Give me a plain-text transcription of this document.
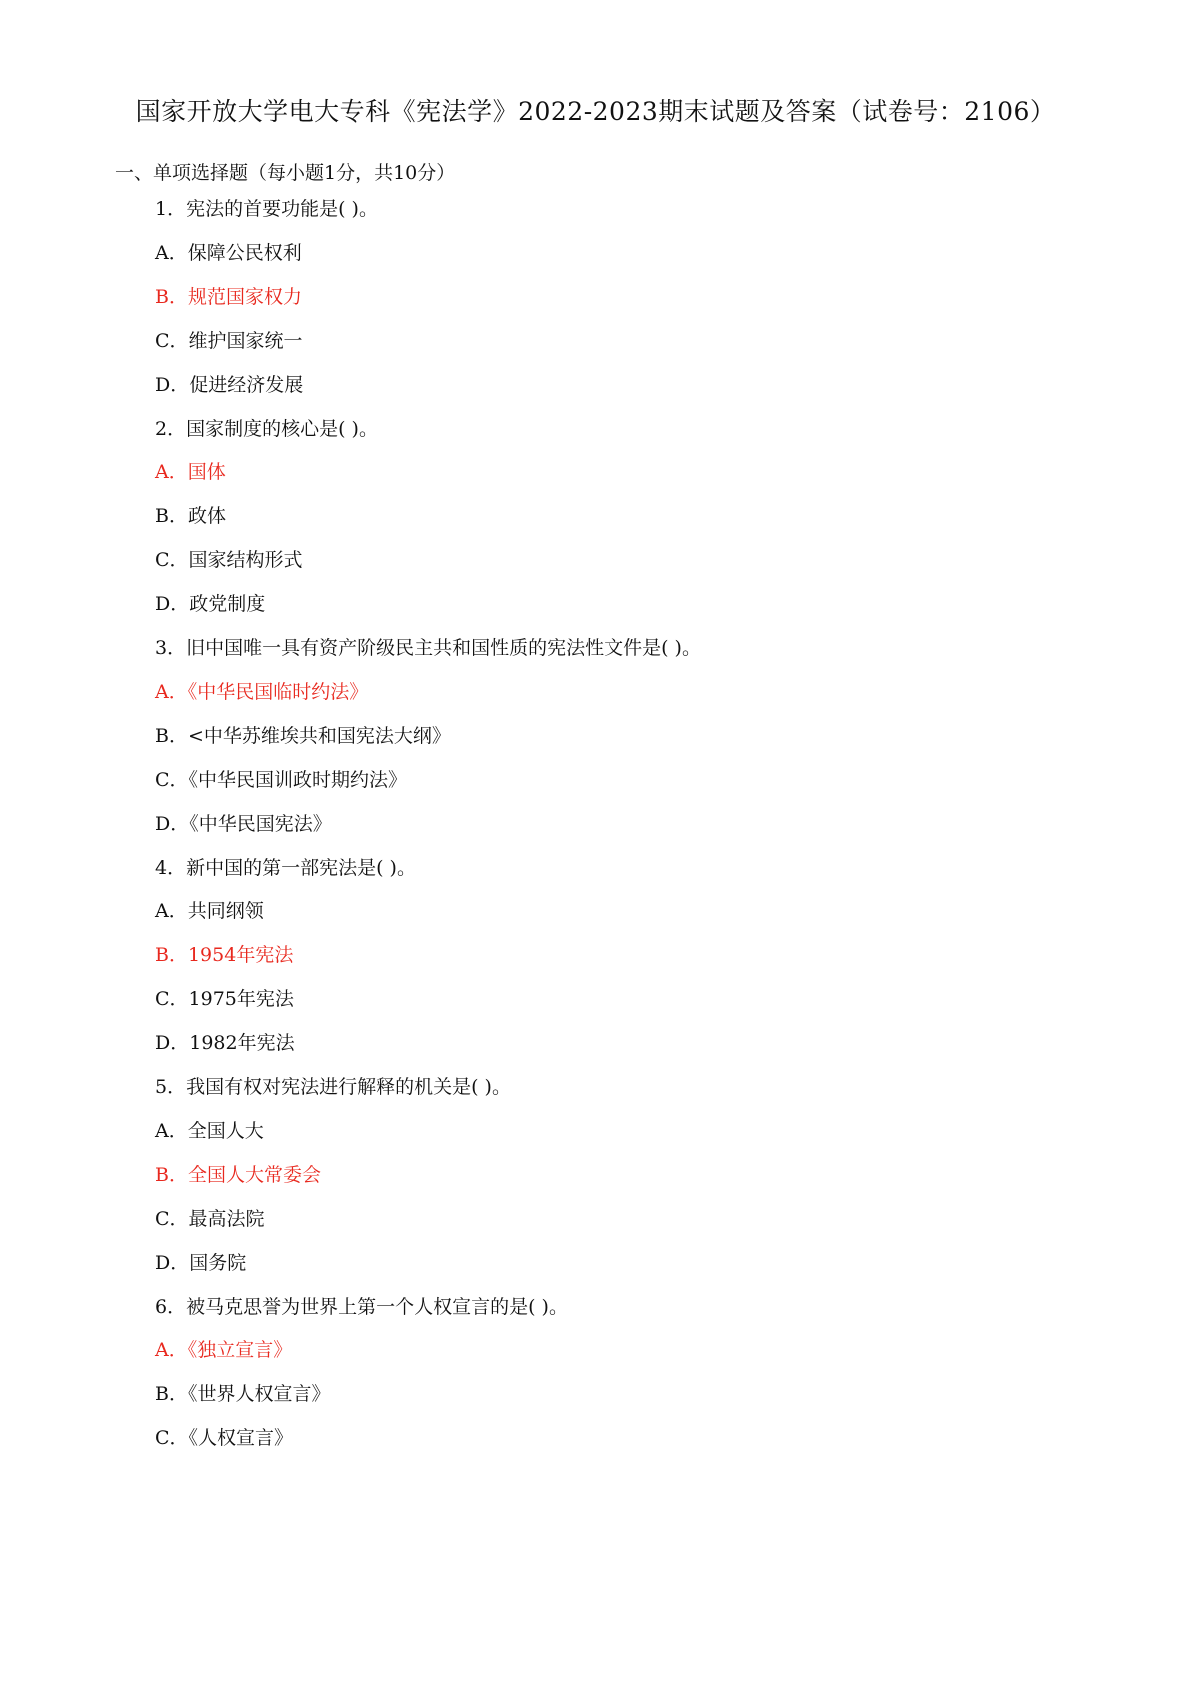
国家开放大学电大专科《宪法学》2022-2023期末试题及答案（试卷号：2106）
一、单项选择题（每小题1分，共10分）
1．宪法的首要功能是( )。
A．保障公民权利
B．规范国家权力
C．维护国家统一
D．促进经济发展
2．国家制度的核心是( )。
A．国体
B．政体
C．国家结构形式
D．政党制度
3．旧中国唯一具有资产阶级民主共和国性质的宪法性文件是( )。
A．《中华民国临时约法》
B．<中华苏维埃共和国宪法大纲》
C．《中华民国训政时期约法》
D．《中华民国宪法》
4．新中国的第一部宪法是( )。
A．共同纲领
B．1954年宪法
C．1975年宪法
D．1982年宪法
5．我国有权对宪法进行解释的机关是( )。
A．全国人大
B．全国人大常委会
C．最高法院
D．国务院
6．被马克思誉为世界上第一个人权宣言的是( )。
A．《独立宣言》
B．《世界人权宣言》
C．《人权宣言》
